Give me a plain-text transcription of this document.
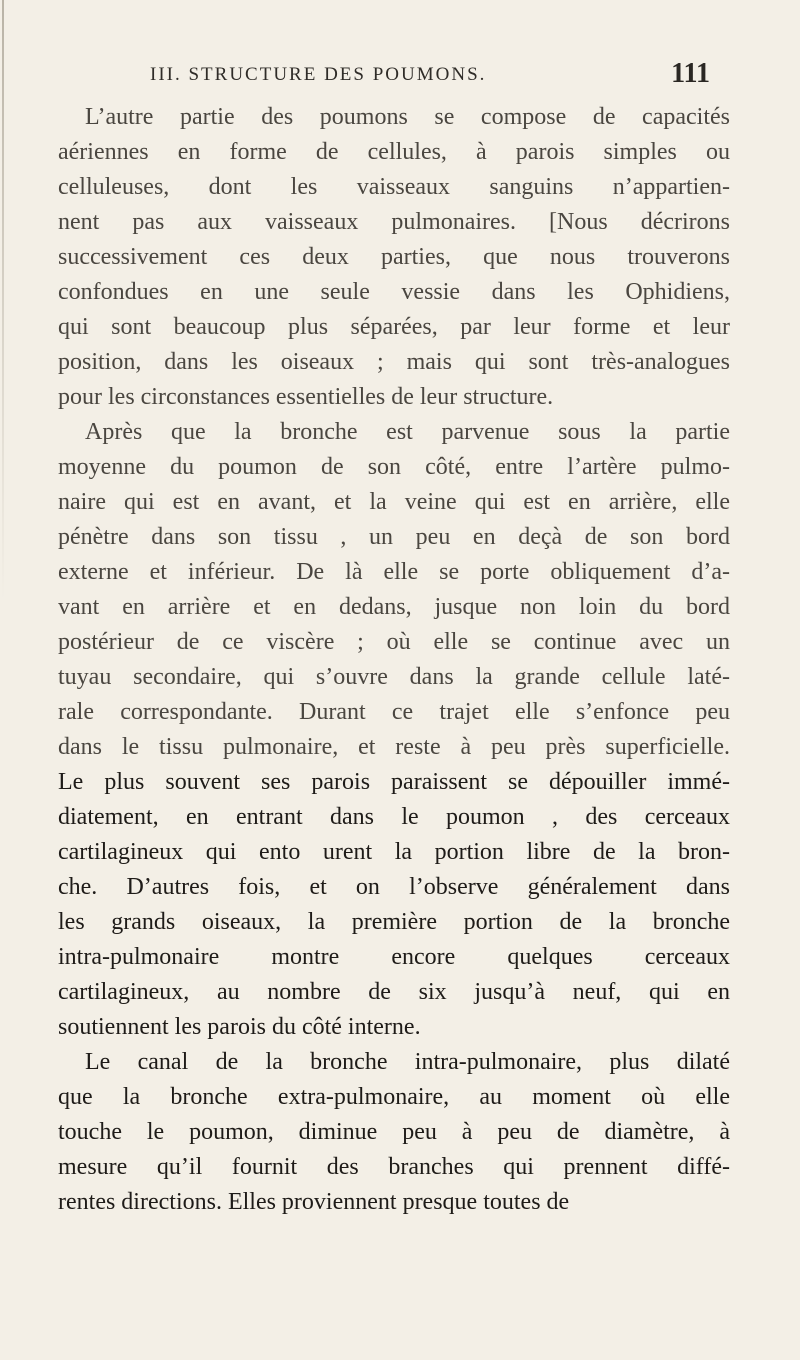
III. STRUCTURE DES POUMONS.	111

L’autre partie des poumons se compose de capacités
aériennes en forme de cellules, à parois simples ou
celluleuses, dont les vaisseaux sanguins n’appartien-
nent pas aux vaisseaux pulmonaires. [Nous décrirons
successivement ces deux parties, que nous trouverons
confondues en une seule vessie dans les Ophidiens,
qui sont beaucoup plus séparées, par leur forme et leur
position, dans les oiseaux ; mais qui sont très-analogues
pour les circonstances essentielles de leur structure.

Après que la bronche est parvenue sous la partie
moyenne du poumon de son côté, entre l’artère pulmo-
naire qui est en avant, et la veine qui est en arrière, elle
pénètre dans son tissu , un peu en deçà de son bord
externe et inférieur. De là elle se porte obliquement d’a-
vant en arrière et en dedans, jusque non loin du bord
postérieur de ce viscère ; où elle se continue avec un
tuyau secondaire, qui s’ouvre dans la grande cellule laté-
rale correspondante. Durant ce trajet elle s’enfonce peu
dans le tissu pulmonaire, et reste à peu près superficielle.
Le plus souvent ses parois paraissent se dépouiller immé-
diatement, en entrant dans le poumon , des cerceaux
cartilagineux qui ento urent la portion libre de la bron-
che. D’autres fois, et on l’observe généralement dans
les grands oiseaux, la première portion de la bronche
intra-pulmonaire montre encore quelques cerceaux
cartilagineux, au nombre de six jusqu’à neuf, qui en
soutiennent les parois du côté interne.

Le canal de la bronche intra-pulmonaire, plus dilaté
que la bronche extra-pulmonaire, au moment où elle
touche le poumon, diminue peu à peu de diamètre, à
mesure qu’il fournit des branches qui prennent diffé-
rentes directions. Elles proviennent presque toutes de
